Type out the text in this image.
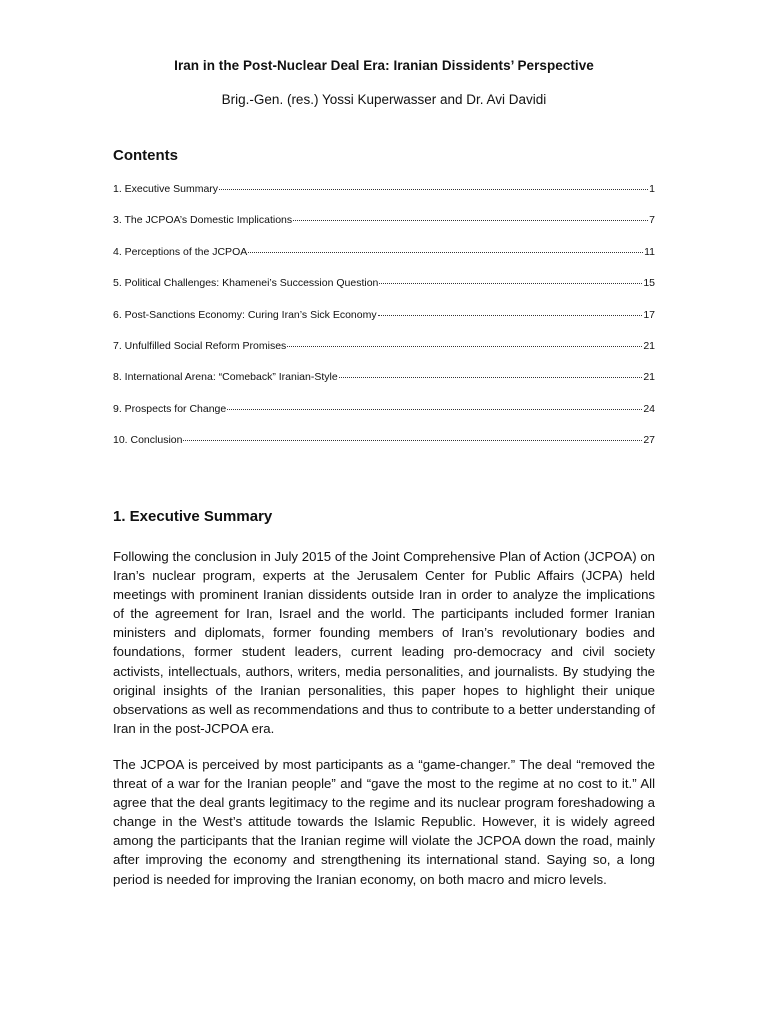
Iran in the Post-Nuclear Deal Era: Iranian Dissidents’ Perspective
Brig.-Gen. (res.) Yossi Kuperwasser and Dr. Avi Davidi
Contents
1. Executive Summary	1
3. The JCPOA’s Domestic Implications	7
4. Perceptions of the JCPOA	11
5. Political Challenges: Khamenei’s Succession Question	15
6. Post-Sanctions Economy: Curing Iran’s Sick Economy	17
7. Unfulfilled Social Reform Promises	21
8. International Arena: “Comeback” Iranian-Style	21
9. Prospects for Change	24
10. Conclusion	27
1. Executive Summary

Following the conclusion in July 2015 of the Joint Comprehensive Plan of Action (JCPOA) on Iran’s nuclear program, experts at the Jerusalem Center for Public Affairs (JCPA) held meetings with prominent Iranian dissidents outside Iran in order to analyze the implications of the agreement for Iran, Israel and the world. The participants included former Iranian ministers and diplomats, former founding members of Iran’s revolutionary bodies and foundations, former student leaders, current leading pro-democracy and civil society activists, intellectuals, authors, writers, media personalities, and journalists. By studying the original insights of the Iranian personalities, this paper hopes to highlight their unique observations as well as recommendations and thus to contribute to a better understanding of Iran in the post-JCPOA era.

The JCPOA is perceived by most participants as a “game-changer.” The deal “removed the threat of a war for the Iranian people” and “gave the most to the regime at no cost to it.” All agree that the deal grants legitimacy to the regime and its nuclear program foreshadowing a change in the West’s attitude towards the Islamic Republic. However, it is widely agreed among the participants that the Iranian regime will violate the JCPOA down the road, mainly after improving the economy and strengthening its international stand. Saying so, a long period is needed for improving the Iranian economy, on both macro and micro levels.
